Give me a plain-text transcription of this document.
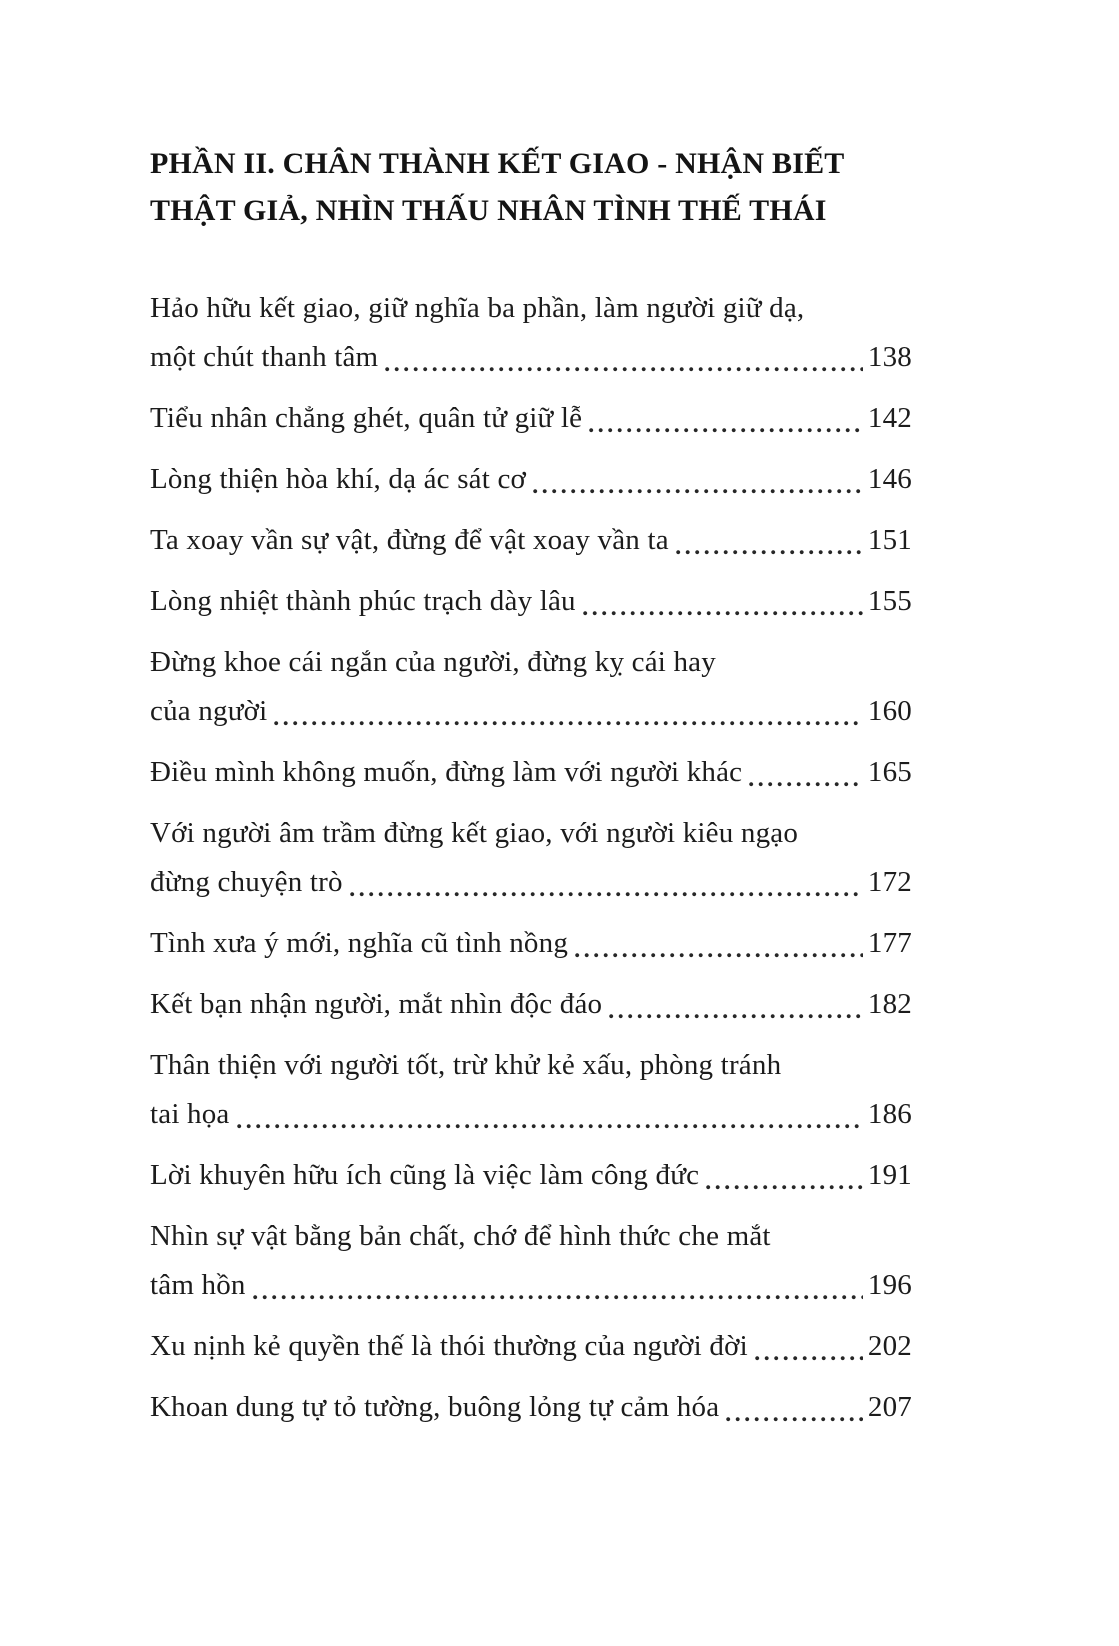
PHẦN II. CHÂN THÀNH KẾT GIAO - NHẬN BIẾT
THẬT GIẢ, NHÌN THẤU NHÂN TÌNH THẾ THÁI
Hảo hữu kết giao, giữ nghĩa ba phần, làm người giữ dạ,
một chút thanh tâm	138
Tiểu nhân chẳng ghét, quân tử giữ lễ	142
Lòng thiện hòa khí, dạ ác sát cơ	146
Ta xoay vần sự vật, đừng để vật xoay vần ta	151
Lòng nhiệt thành phúc trạch dày lâu	155
Đừng khoe cái ngắn của người, đừng kỵ cái hay
của người	160
Điều mình không muốn, đừng làm với người khác	165
Với người âm trầm đừng kết giao, với người kiêu ngạo
đừng chuyện trò	172
Tình xưa ý mới, nghĩa cũ tình nồng	177
Kết bạn nhận người, mắt nhìn độc đáo	182
Thân thiện với người tốt, trừ khử kẻ xấu, phòng tránh
tai họa	186
Lời khuyên hữu ích cũng là việc làm công đức	191
Nhìn sự vật bằng bản chất, chớ để hình thức che mắt
tâm hồn	196
Xu nịnh kẻ quyền thế là thói thường của người đời	202
Khoan dung tự tỏ tường, buông lỏng tự cảm hóa	207
